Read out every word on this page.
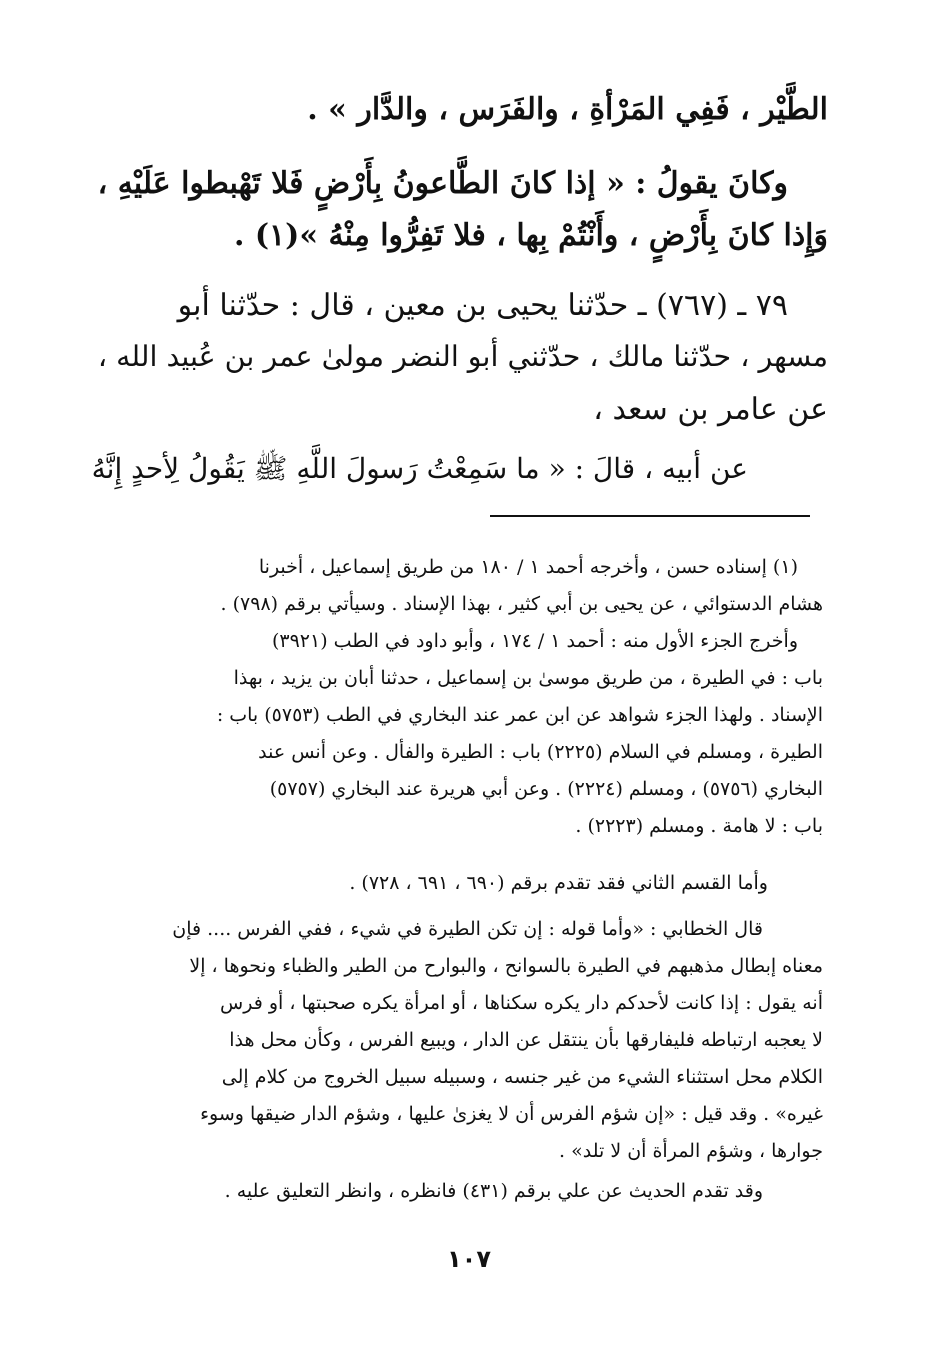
الطَّيْر ، فَفِي المَرْأةِ ، والفَرَس ، والدَّار » .
وكانَ يقولُ : « إذا كانَ الطَّاعونُ بِأَرْضٍ فَلا تَهْبطوا عَلَيْهِ ،
وَإِذا كانَ بِأَرْضٍ ، وأَنْتُمْ بِها ، فلا تَفِرُّوا مِنْهُ »(١) .
٧٩ ـ (٧٦٧) ـ حدّثنا يحيى بن معين ، قال : حدّثنا أبو
مسهر ، حدّثنا مالك ، حدّثني أبو النضر مولىٰ عمر بن عُبيد الله ،
عن عامر بن سعد ،
عن أبيه ، قالَ : « ما سَمِعْتُ رَسولَ اللَّهِ ﷺ يَقُولُ لِأحدٍ إِنَّهُ
(١) إسناده حسن ، وأخرجه أحمد ١ / ١٨٠ من طريق إسماعيل ، أخبرنا
هشام الدستوائي ، عن يحيى بن أبي كثير ، بهذا الإسناد . وسيأتي برقم (٧٩٨) .
وأخرج الجزء الأول منه : أحمد ١ / ١٧٤ ، وأبو داود في الطب (٣٩٢١)
باب : في الطيرة ، من طريق موسىٰ بن إسماعيل ، حدثنا أبان بن يزيد ، بهذا
الإسناد . ولهذا الجزء شواهد عن ابن عمر عند البخاري في الطب (٥٧٥٣) باب :
الطيرة ، ومسلم في السلام (٢٢٢٥) باب : الطيرة والفأل . وعن أنس عند
البخاري (٥٧٥٦) ، ومسلم (٢٢٢٤) . وعن أبي هريرة عند البخاري (٥٧٥٧)
باب : لا هامة . ومسلم (٢٢٢٣) .
وأما القسم الثاني فقد تقدم برقم (٦٩٠ ، ٦٩١ ، ٧٢٨) .
قال الخطابي : «وأما قوله : إن تكن الطيرة في شيء ، ففي الفرس .... فإن
معناه إبطال مذهبهم في الطيرة بالسوانح ، والبوارح من الطير والظباء ونحوها ، إلا
أنه يقول : إذا كانت لأحدكم دار يكره سكناها ، أو امرأة يكره صحبتها ، أو فرس
لا يعجبه ارتباطه فليفارقها بأن ينتقل عن الدار ، ويبيع الفرس ، وكأن محل هذا
الكلام محل استثناء الشيء من غير جنسه ، وسبيله سبيل الخروج من كلام إلى
غيره» . وقد قيل : «إن شؤم الفرس أن لا يغزىٰ عليها ، وشؤم الدار ضيقها وسوء
جوارها ، وشؤم المرأة أن لا تلد» .
وقد تقدم الحديث عن علي برقم (٤٣١) فانظره ، وانظر التعليق عليه .
١٠٧
